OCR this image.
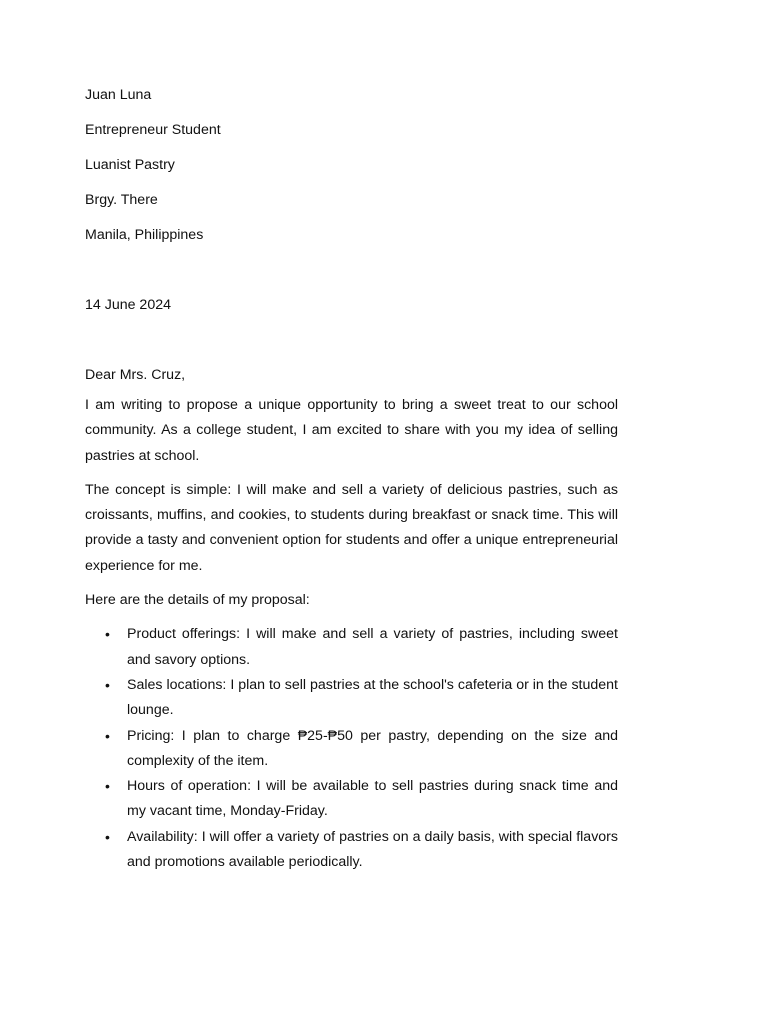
Juan Luna
Entrepreneur Student
Luanist Pastry
Brgy. There
Manila, Philippines
14 June 2024
Dear Mrs. Cruz,

I am writing to propose a unique opportunity to bring a sweet treat to our school community. As a college student, I am excited to share with you my idea of selling pastries at school.

The concept is simple: I will make and sell a variety of delicious pastries, such as croissants, muffins, and cookies, to students during breakfast or snack time. This will provide a tasty and convenient option for students and offer a unique entrepreneurial experience for me.

Here are the details of my proposal:

• Product offerings: I will make and sell a variety of pastries, including sweet and savory options.
• Sales locations: I plan to sell pastries at the school's cafeteria or in the student lounge.
• Pricing: I plan to charge ₱25-₱50 per pastry, depending on the size and complexity of the item.
• Hours of operation: I will be available to sell pastries during snack time and my vacant time, Monday-Friday.
• Availability: I will offer a variety of pastries on a daily basis, with special flavors and promotions available periodically.
